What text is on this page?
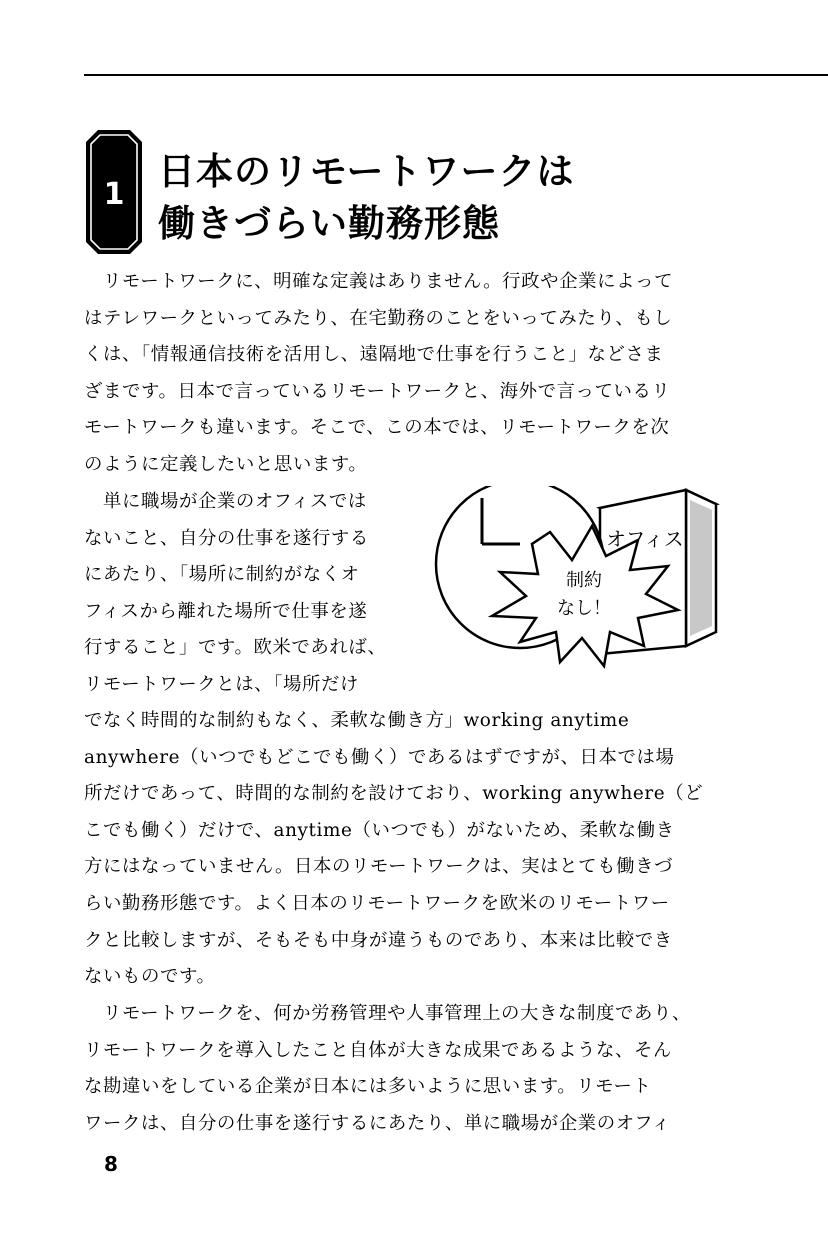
1
日本のリモートワークは
働きづらい勤務形態

　リモートワークに、明確な定義はありません。行政や企業によって
はテレワークといってみたり、在宅勤務のことをいってみたり、もし
くは、「情報通信技術を活用し、遠隔地で仕事を行うこと」などさま
ざまです。日本で言っているリモートワークと、海外で言っているリ
モートワークも違います。そこで、この本では、リモートワークを次
のように定義したいと思います。

　単に職場が企業のオフィスでは
ないこと、自分の仕事を遂行する
にあたり、「場所に制約がなくオ
フィスから離れた場所で仕事を遂
行すること」です。欧米であれば、
リモートワークとは、「場所だけ

オフィス
制約
なし！

でなく時間的な制約もなく、柔軟な働き方」working anytime
anywhere（いつでもどこでも働く）であるはずですが、日本では場
所だけであって、時間的な制約を設けており、working anywhere（ど
こでも働く）だけで、anytime（いつでも）がないため、柔軟な働き
方にはなっていません。日本のリモートワークは、実はとても働きづ
らい勤務形態です。よく日本のリモートワークを欧米のリモートワー
クと比較しますが、そもそも中身が違うものであり、本来は比較でき
ないものです。

　リモートワークを、何か労務管理や人事管理上の大きな制度であり、
リモートワークを導入したこと自体が大きな成果であるような、そん
な勘違いをしている企業が日本には多いように思います。リモート
ワークは、自分の仕事を遂行するにあたり、単に職場が企業のオフィ

8
